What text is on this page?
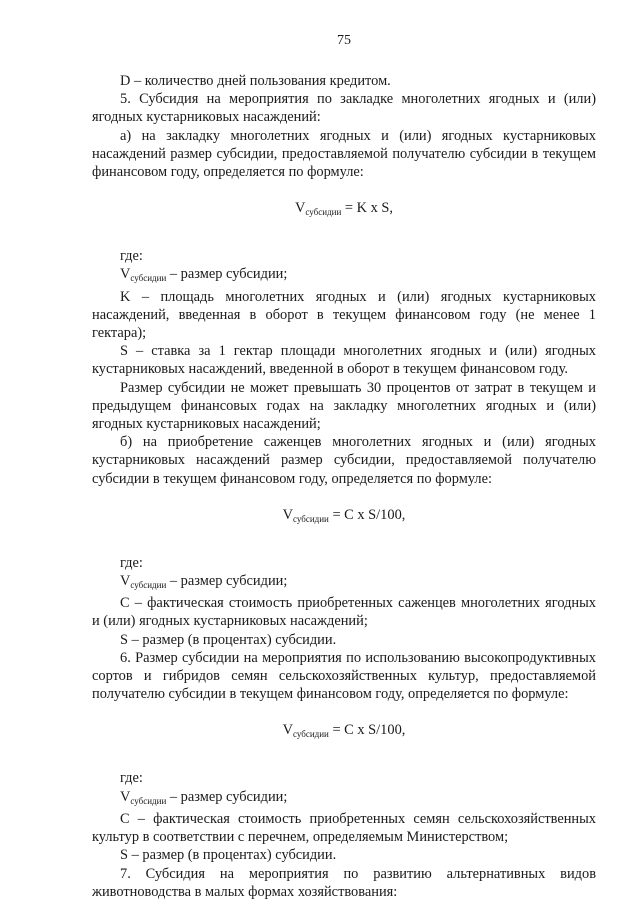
75

D – количество дней пользования кредитом.

5. Субсидия на мероприятия по закладке многолетних ягодных и (или) ягодных кустарниковых насаждений:

а) на закладку многолетних ягодных и (или) ягодных кустарниковых насаждений размер субсидии, предоставляемой получателю субсидии в текущем финансовом году, определяется по формуле:

$V_{субсидии} = K$ x S,

где:

$V_{субсидии}$ – размер субсидии;

K – площадь многолетних ягодных и (или) ягодных кустарниковых насаждений, введенная в оборот в текущем финансовом году (не менее 1 гектара);

S – ставка за 1 гектар площади многолетних ягодных и (или) ягодных кустарниковых насаждений, введенной в оборот в текущем финансовом году.

Размер субсидии не может превышать 30 процентов от затрат в текущем и предыдущем финансовых годах на закладку многолетних ягодных и (или) ягодных кустарниковых насаждений;

б) на приобретение саженцев многолетних ягодных и (или) ягодных кустарниковых насаждений размер субсидии, предоставляемой получателю субсидии в текущем финансовом году, определяется по формуле:

$V_{субсидии} = C$ x S/100,

где:

$V_{субсидии}$ – размер субсидии;

C – фактическая стоимость приобретенных саженцев многолетних ягодных и (или) ягодных кустарниковых насаждений;

S – размер (в процентах) субсидии.

6. Размер субсидии на мероприятия по использованию высокопродуктивных сортов и гибридов семян сельскохозяйственных культур, предоставляемой получателю субсидии в текущем финансовом году, определяется по формуле:

$V_{субсидии} = C$ x S/100,

где:

$V_{субсидии}$ – размер субсидии;

C – фактическая стоимость приобретенных семян сельскохозяйственных культур в соответствии с перечнем, определяемым Министерством;

S – размер (в процентах) субсидии.

7. Субсидия на мероприятия по развитию альтернативных видов животноводства в малых формах хозяйствования:
